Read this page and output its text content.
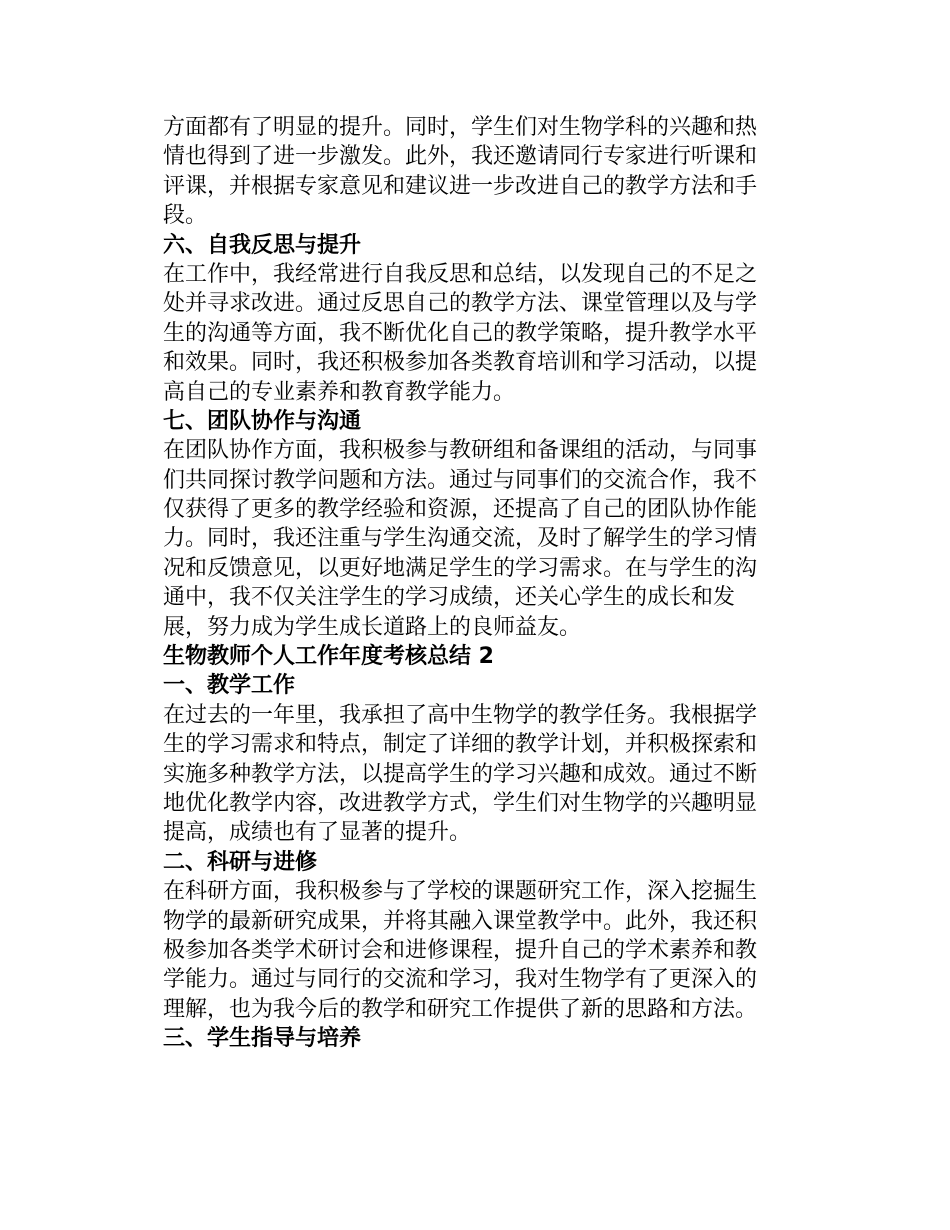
方面都有了明显的提升。同时，学生们对生物学科的兴趣和热
情也得到了进一步激发。此外，我还邀请同行专家进行听课和
评课，并根据专家意见和建议进一步改进自己的教学方法和手
段。
六、自我反思与提升
在工作中，我经常进行自我反思和总结，以发现自己的不足之
处并寻求改进。通过反思自己的教学方法、课堂管理以及与学
生的沟通等方面，我不断优化自己的教学策略，提升教学水平
和效果。同时，我还积极参加各类教育培训和学习活动，以提
高自己的专业素养和教育教学能力。
七、团队协作与沟通
在团队协作方面，我积极参与教研组和备课组的活动，与同事
们共同探讨教学问题和方法。通过与同事们的交流合作，我不
仅获得了更多的教学经验和资源，还提高了自己的团队协作能
力。同时，我还注重与学生沟通交流，及时了解学生的学习情
况和反馈意见，以更好地满足学生的学习需求。在与学生的沟
通中，我不仅关注学生的学习成绩，还关心学生的成长和发
展，努力成为学生成长道路上的良师益友。
生物教师个人工作年度考核总结 2
一、教学工作
在过去的一年里，我承担了高中生物学的教学任务。我根据学
生的学习需求和特点，制定了详细的教学计划，并积极探索和
实施多种教学方法，以提高学生的学习兴趣和成效。通过不断
地优化教学内容，改进教学方式，学生们对生物学的兴趣明显
提高，成绩也有了显著的提升。
二、科研与进修
在科研方面，我积极参与了学校的课题研究工作，深入挖掘生
物学的最新研究成果，并将其融入课堂教学中。此外，我还积
极参加各类学术研讨会和进修课程，提升自己的学术素养和教
学能力。通过与同行的交流和学习，我对生物学有了更深入的
理解，也为我今后的教学和研究工作提供了新的思路和方法。
三、学生指导与培养
